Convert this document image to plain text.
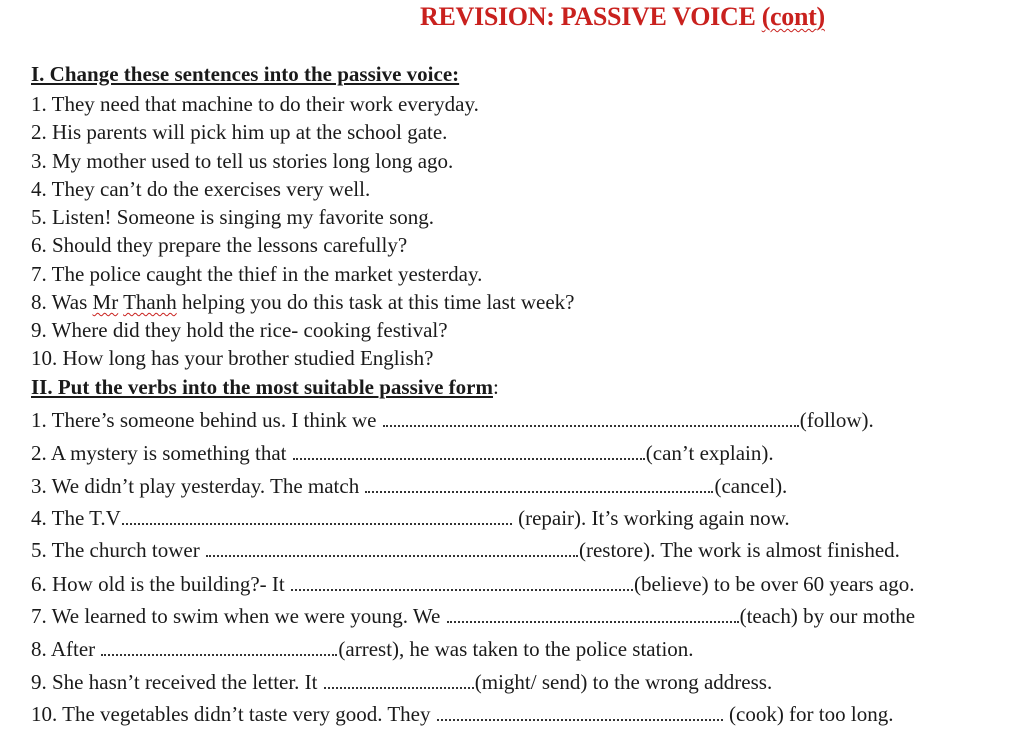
REVISION: PASSIVE VOICE (cont)
I. Change these sentences into the passive voice:
1. They need that machine to do their work everyday.
2. His parents will pick him up at the school gate.
3. My mother used to tell us stories long long ago.
4. They can’t do the exercises very well.
5. Listen! Someone is singing my favorite song.
6. Should they prepare the lessons carefully?
7. The police caught the thief in the market yesterday.
8. Was Mr Thanh helping you do this task at this time last week?
9. Where did they hold the rice- cooking festival?
10. How long has your brother studied English?
II. Put the verbs into the most suitable passive form:
1. There’s someone behind us. I think we	(follow).
2. A mystery is something that	(can’t explain).
3. We didn’t play yesterday. The match	(cancel).
4. The T.V	(repair). It’s working again now.
5. The church tower	(restore). The work is almost finished.
6. How old is the building?- It	(believe) to be over 60 years ago.
7. We learned to swim when we were young. We	(teach) by our mothe
8. After	(arrest), he was taken to the police station.
9. She hasn’t received the letter. It	(might/ send) to the wrong address.
10. The vegetables didn’t taste very good. They	(cook) for too long.
